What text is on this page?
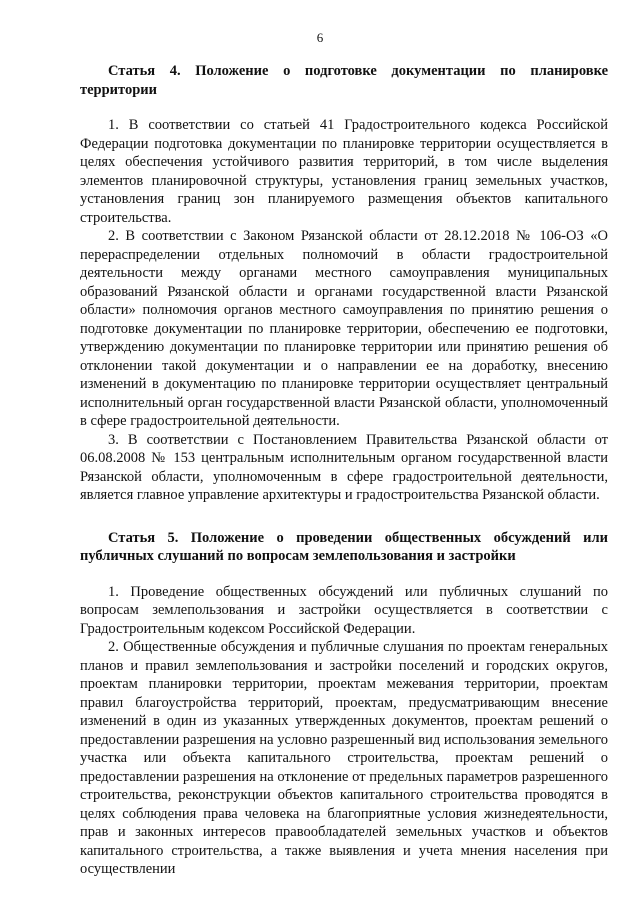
6

Статья 4. Положение о подготовке документации по планировке территории

1. В соответствии со статьей 41 Градостроительного кодекса Российской Федерации подготовка документации по планировке территории осуществляется в целях обеспечения устойчивого развития территорий, в том числе выделения элементов планировочной структуры, установления границ земельных участков, установления границ зон планируемого размещения объектов капитального строительства.

2. В соответствии с Законом Рязанской области от 28.12.2018 № 106-ОЗ «О перераспределении отдельных полномочий в области градостроительной деятельности между органами местного самоуправления муниципальных образований Рязанской области и органами государственной власти Рязанской области» полномочия органов местного самоуправления по принятию решения о подготовке документации по планировке территории, обеспечению ее подготовки, утверждению документации по планировке территории или принятию решения об отклонении такой документации и о направлении ее на доработку, внесению изменений в документацию по планировке территории осуществляет центральный исполнительный орган государственной власти Рязанской области, уполномоченный в сфере градостроительной деятельности.

3. В соответствии с Постановлением Правительства Рязанской области от 06.08.2008 № 153 центральным исполнительным органом государственной власти Рязанской области, уполномоченным в сфере градостроительной деятельности, является главное управление архитектуры и градостроительства Рязанской области.

Статья 5. Положение о проведении общественных обсуждений или публичных слушаний по вопросам землепользования и застройки

1. Проведение общественных обсуждений или публичных слушаний по вопросам землепользования и застройки осуществляется в соответствии с Градостроительным кодексом Российской Федерации.

2. Общественные обсуждения и публичные слушания по проектам генеральных планов и правил землепользования и застройки поселений и городских округов, проектам планировки территории, проектам межевания территории, проектам правил благоустройства территорий, проектам, предусматривающим внесение изменений в один из указанных утвержденных документов, проектам решений о предоставлении разрешения на условно разрешенный вид использования земельного участка или объекта капитального строительства, проектам решений о предоставлении разрешения на отклонение от предельных параметров разрешенного строительства, реконструкции объектов капитального строительства проводятся в целях соблюдения права человека на благоприятные условия жизнедеятельности, прав и законных интересов правообладателей земельных участков и объектов капитального строительства, а также выявления и учета мнения населения при осуществлении
